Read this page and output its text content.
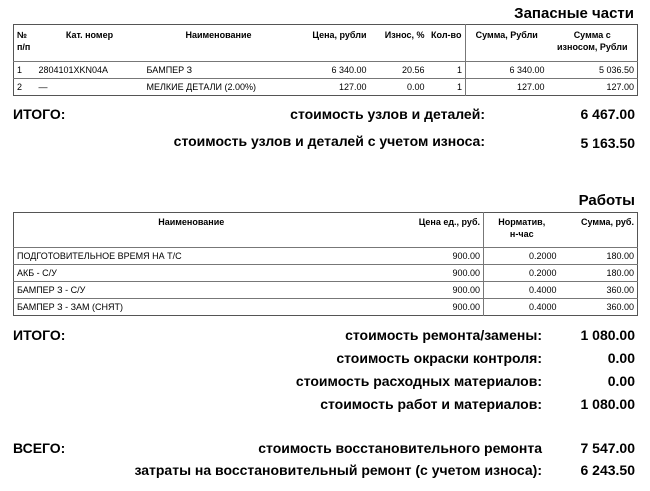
Запасные части
№
п/п	Кат. номер	Наименование	Цена, рубли	Износ, %	Кол-во	Сумма, Рубли	Сумма с
износом, Рубли
1	2804101XKN04A	БАМПЕР З	6 340.00	20.56	1	6 340.00	5 036.50
2	—	МЕЛКИЕ ДЕТАЛИ (2.00%)	127.00	0.00	1	127.00	127.00
ИТОГО:	стоимость узлов и деталей:	6 467.00
стоимость узлов и деталей с учетом износа:	5 163.50
Работы
Наименование	Цена ед., руб.	Норматив,
н-час	Сумма, руб.
ПОДГОТОВИТЕЛЬНОЕ ВРЕМЯ НА Т/С	900.00	0.2000	180.00
АКБ - С/У	900.00	0.2000	180.00
БАМПЕР З - С/У	900.00	0.4000	360.00
БАМПЕР З - ЗАМ (СНЯТ)	900.00	0.4000	360.00
ИТОГО:	стоимость ремонта/замены:	1 080.00
стоимость окраски контроля:	0.00
стоимость расходных материалов:	0.00
стоимость работ и материалов:	1 080.00
ВСЕГО:	стоимость восстановительного ремонта	7 547.00
затраты на восстановительный ремонт (с учетом износа):	6 243.50
